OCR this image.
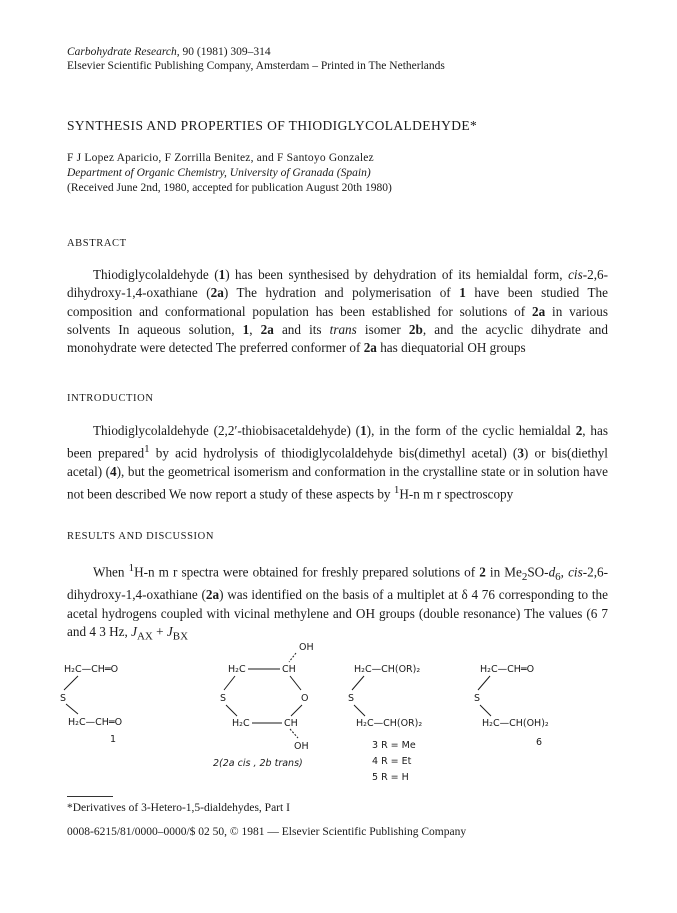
Carbohydrate Research, 90 (1981) 309–314
Elsevier Scientific Publishing Company, Amsterdam – Printed in The Netherlands
SYNTHESIS AND PROPERTIES OF THIODIGLYCOLALDEHYDE*
F J Lopez Aparicio, F Zorrilla Benitez, and F Santoyo Gonzalez
Department of Organic Chemistry, University of Granada (Spain)
(Received June 2nd, 1980, accepted for publication August 20th 1980)
ABSTRACT

Thiodiglycolaldehyde (1) has been synthesised by dehydration of its hemialdal form, cis-2,6-dihydroxy-1,4-oxathiane (2a) The hydration and polymerisation of 1 have been studied The composition and conformational population has been established for solutions of 2a in various solvents In aqueous solution, 1, 2a and its trans isomer 2b, and the acyclic dihydrate and monohydrate were detected The preferred conformer of 2a has diequatorial OH groups

INTRODUCTION

Thiodiglycolaldehyde (2,2′-thiobisacetaldehyde) (1), in the form of the cyclic hemialdal 2, has been prepared$^1$ by acid hydrolysis of thiodiglycolaldehyde bis(dimethyl acetal) (3) or bis(diethyl acetal) (4), but the geometrical isomerism and conformation in the crystalline state or in solution have not been described We now report a study of these aspects by $^1$H-n m r spectroscopy

RESULTS AND DISCUSSION

When $^1$H-n m r spectra were obtained for freshly prepared solutions of 2 in $Me_2SO-d_6$, cis-2,6-dihydroxy-1,4-oxathiane (2a) was identified on the basis of a multiplet at δ 4 76 corresponding to the acetal hydrogens coupled with vicinal methylene and OH groups (double resonance) The values (6 7 and 4 3 Hz, $J_{AX} + J_{BX}$

H₂C—CH═O
S
H₂C—CH═O
1
OH
H₂C	CH
S	O
H₂C	CH
OH
2(2a cis , 2b trans)
H₂C—CH(OR)₂
S
H₂C—CH(OR)₂
3 R = Me
4 R = Et
5 R = H
H₂C—CH═O
S
H₂C—CH(OH)₂
6
*Derivatives of 3-Hetero-1,5-dialdehydes, Part I
0008-6215/81/0000–0000/$ 02 50, © 1981 — Elsevier Scientific Publishing Company
